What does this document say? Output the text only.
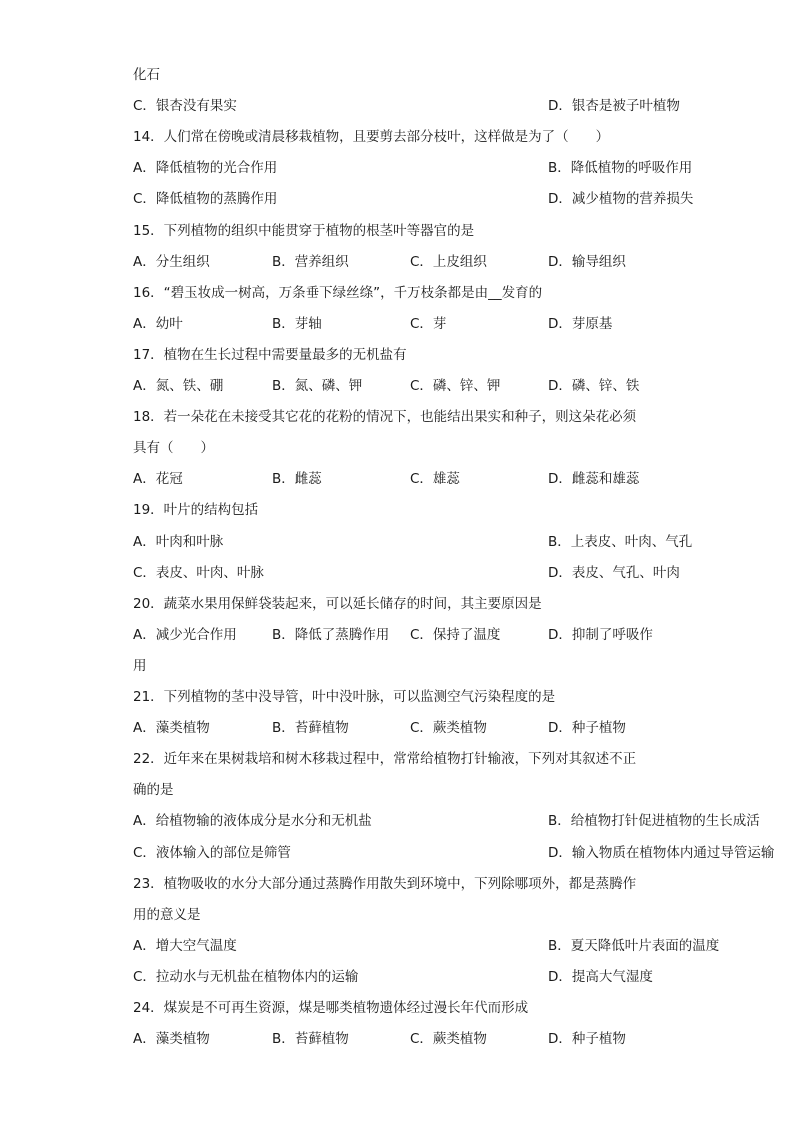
化石
C．银杏没有果实	D．银杏是被子叶植物
14．人们常在傍晚或清晨移栽植物，且要剪去部分枝叶，这样做是为了（　　）
A．降低植物的光合作用	B．降低植物的呼吸作用
C．降低植物的蒸腾作用	D．减少植物的营养损失
15．下列植物的组织中能贯穿于植物的根茎叶等器官的是
A．分生组织	B．营养组织	C．上皮组织	D．输导组织
16．“碧玉妆成一树高，万条垂下绿丝绦”，千万枝条都是由__发育的
A．幼叶	B．芽轴	C．芽	D．芽原基
17．植物在生长过程中需要量最多的无机盐有
A．氮、铁、硼	B．氮、磷、钾	C．磷、锌、钾	D．磷、锌、铁
18．若一朵花在未接受其它花的花粉的情况下，也能结出果实和种子，则这朵花必须
具有（　　）
A．花冠	B．雌蕊	C．雄蕊	D．雌蕊和雄蕊
19．叶片的结构包括
A．叶肉和叶脉	B．上表皮、叶肉、气孔
C．表皮、叶肉、叶脉	D．表皮、气孔、叶肉
20．蔬菜水果用保鲜袋装起来，可以延长储存的时间，其主要原因是
A．减少光合作用	B．降低了蒸腾作用 C．保持了温度	D．抑制了呼吸作
用
21．下列植物的茎中没导管，叶中没叶脉，可以监测空气污染程度的是
A．藻类植物	B．苔藓植物	C．蕨类植物	D．种子植物
22．近年来在果树栽培和树木移栽过程中，常常给植物打针输液，下列对其叙述不正
确的是
A．给植物输的液体成分是水分和无机盐	B．给植物打针促进植物的生长成活
C．液体输入的部位是筛管	D．输入物质在植物体内通过导管运输
23．植物吸收的水分大部分通过蒸腾作用散失到环境中，下列除哪项外，都是蒸腾作
用的意义是
A．增大空气温度	B．夏天降低叶片表面的温度
C．拉动水与无机盐在植物体内的运输	D．提高大气湿度
24．煤炭是不可再生资源，煤是哪类植物遗体经过漫长年代而形成
A．藻类植物	B．苔藓植物	C．蕨类植物	D．种子植物
